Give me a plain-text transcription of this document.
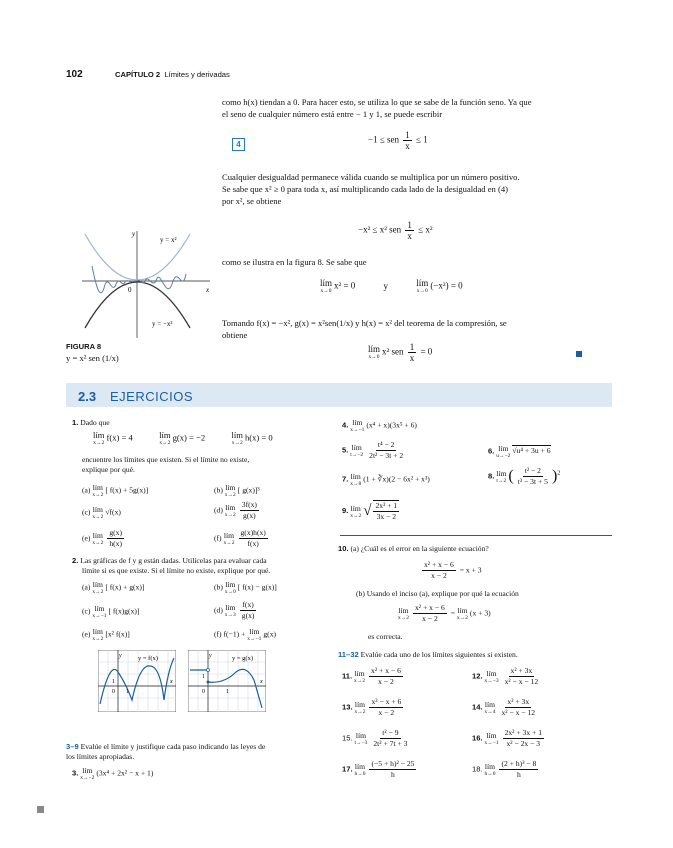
102	CAPÍTULO 2 Límites y derivadas
como h(x) tiendan a 0. Para hacer esto, se utiliza lo que se sabe de la función seno. Ya que
el seno de cualquier número está entre − 1 y 1, se puede escribir
4	−1 ≤ sen $\frac{1}{x} \le 1$
Cualquier desigualdad permanece válida cuando se multiplica por un número positivo.
Se sabe que x² ≥ 0 para toda x, así multiplicando cada lado de la desigualdad en (4)
por x², se obtiene
−x² ≤ x² sen $\frac{1}{x} \le x^2$
como se ilustra en la figura 8. Se sabe que
lím
x→0
x² = 0	y	lím
x→0
(−x²) = 0
Tomando f(x) = −x², g(x) = x²sen(1/x) y h(x) = x² del teorema de la compresión, se
obtiene
lím
x→0
x² sen $\frac{1}{x} = 0$
y
x
0
y = x²
y = −x²
FIGURA 8
y = x² sen (1/x)
2.3 EJERCICIOS
1. Dado que
lím
x→2
f(x) = 4	lím
x→2
g(x) = −2	lím
x→2
h(x) = 0
encuentre los límites que existen. Si el límite no existe,
explique por qué.
(a) lím
x→2
[ f(x) + 5g(x)]	(b) lím
x→2
[ g(x)]³
(c) lím
x→2
√f(x)	(d) lím
$x\to 2 \frac{3f(x)}{g(x)}$
(e) lím
$x\to 2 \frac{g(x)}{h(x)}$	(f) lím
$x\to 2 \frac{g(x)h(x)}{f(x)}$
2. Las gráficas de f y g están dadas. Utilícelas para evaluar cada
límite si es que existe. Si el límite no existe, explique por qué.
(a) lím
x→2
[ f(x) + g(x)]	(b) lím
x→0
[ f(x) − g(x)]
(c) lím
x→−1
[ f(x)g(x)]	(d) lím
$x\to 3 \frac{f(x)}{g(x)}$
(e) lím
x→2
[x² f(x)]	(f) f(−1) + lím
x→−1
g(x)
y = f(x)
y
x
1
0 1
y = g(x)
y
x
1
0	1
3–9 Evalúe el límite y justifique cada paso indicando las leyes de
los límites apropiadas.
3. lím
x→−2
(3x⁴ + 2x² − x + 1)
4. lím
x→−1
(x⁴ + x)(3x⁵ + 6)
5. lím
$t\to-2 \frac{\text{t⁴ − 2}}{\text{2t² − 3t + 2}}$	6. lím
u→−2
√u⁴ + 3u + 6
7. lím
x→8
(1 + ∛x)(2 − 6x² + x³)	8. lím
t→2 ( $\frac{\text{t² − 2}}{\text{t³ − 3t + 5}} )^2$
9. lím
x→2 √ $\frac{\text{2x² + 1}}{3x - 2}$
10. (a) ¿Cuál es el error en la siguiente ecuación?
$\frac{\text{x² + x − 6}}{x - 2} = x + 3$
(b) Usando el inciso (a), explique por qué la ecuación
lím
$x\to 2 \frac{\text{x² + x − 6}}{x - 2}$ = lím
x→2
(x + 3)
es correcta.
11–32 Evalúe cada uno de los límites siguientes si existen.
11. lím
$x\to 2 \frac{\text{x² + x − 6}}{x - 2}$	12. lím
$x\to-3 \frac{\text{x² + 3x}}{\text{x² − x − 12}}$
13. lím
$x\to 2 \frac{\text{x² − x + 6}}{x - 2}$	14. lím
$x\to 4 \frac{\text{x² + 3x}}{\text{x² − x − 12}}$
15. lím
$t\to-3 \frac{\text{t² − 9}}{\text{2t² + 7t + 3}}$	16. lím
$x\to-1 \frac{\text{2x² + 3x + 1}}{\text{x² − 2x − 3}}$
17. lím
$h\to 0 \frac{\text{(−5 + h)² − 25}}{h}$	18. lím
$h\to 0 \frac{\text{(2 + h)³ − 8}}{h}$
